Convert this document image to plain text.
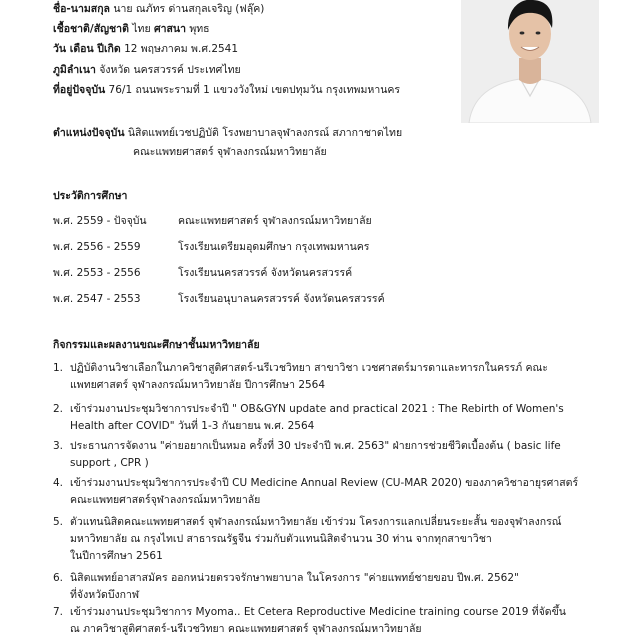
ชื่อ-นามสกุล นาย ณภัทร ด่านสกุลเจริญ (ฟลุ๊ค)
เชื้อชาติ/สัญชาติ ไทย ศาสนา พุทธ
วัน เดือน ปีเกิด 12 พฤษภาคม พ.ศ.2541
ภูมิลำเนา จังหวัด นครสวรรค์ ประเทศไทย
ที่อยู่ปัจจุบัน 76/1 ถนนพระรามที่ 1 แขวงวังใหม่ เขตปทุมวัน กรุงเทพมหานคร
ตำแหน่งปัจจุบัน นิสิตแพทย์เวชปฏิบัติ โรงพยาบาลจุฬาลงกรณ์ สภากาชาดไทย
คณะแพทยศาสตร์ จุฬาลงกรณ์มหาวิทยาลัย
ประวัติการศึกษา
พ.ศ. 2559 - ปัจจุบัน	คณะแพทยศาสตร์ จุฬาลงกรณ์มหาวิทยาลัย
พ.ศ. 2556 - 2559	โรงเรียนเตรียมอุดมศึกษา กรุงเทพมหานคร
พ.ศ. 2553 - 2556	โรงเรียนนครสวรรค์ จังหวัดนครสวรรค์
พ.ศ. 2547 - 2553	โรงเรียนอนุบาลนครสวรรค์ จังหวัดนครสวรรค์
กิจกรรมและผลงานขณะศึกษาชั้นมหาวิทยาลัย
1. ปฏิบัติงานวิชาเลือกในภาควิชาสูติศาสตร์-นรีเวชวิทยา สาขาวิชา เวชศาสตร์มารดาและทารกในครรภ์ คณะ
แพทยศาสตร์ จุฬาลงกรณ์มหาวิทยาลัย ปีการศึกษา 2564
2. เข้าร่วมงานประชุมวิชาการประจำปี " OB&GYN update and practical 2021 : The Rebirth of Women's
Health after COVID" วันที่ 1-3 กันยายน พ.ศ. 2564
3. ประธานการจัดงาน "ค่ายอยากเป็นหมอ ครั้งที่ 30 ประจำปี พ.ศ. 2563" ฝ่ายการช่วยชีวิตเบื้องต้น ( basic life
support , CPR )
4. เข้าร่วมงานประชุมวิชาการประจำปี CU Medicine Annual Review (CU-MAR 2020) ของภาควิชาอายุรศาสตร์
คณะแพทยศาสตร์จุฬาลงกรณ์มหาวิทยาลัย
5. ตัวแทนนิสิตคณะแพทยศาสตร์ จุฬาลงกรณ์มหาวิทยาลัย เข้าร่วม โครงการแลกเปลี่ยนระยะสั้น ของจุฬาลงกรณ์
มหาวิทยาลัย ณ กรุงไทเป สาธารณรัฐจีน ร่วมกับตัวแทนนิสิตจำนวน 30 ท่าน จากทุกสาขาวิชา
ในปีการศึกษา 2561
6. นิสิตแพทย์อาสาสมัคร ออกหน่วยตรวจรักษาพยาบาล ในโครงการ "ค่ายแพทย์ชายขอบ ปีพ.ศ. 2562"
ที่จังหวัดบึงกาฬ
7. เข้าร่วมงานประชุมวิชาการ Myoma.. Et Cetera Reproductive Medicine training course 2019 ที่จัดขึ้น
ณ ภาควิชาสูติศาสตร์-นรีเวชวิทยา คณะแพทยศาสตร์ จุฬาลงกรณ์มหาวิทยาลัย
